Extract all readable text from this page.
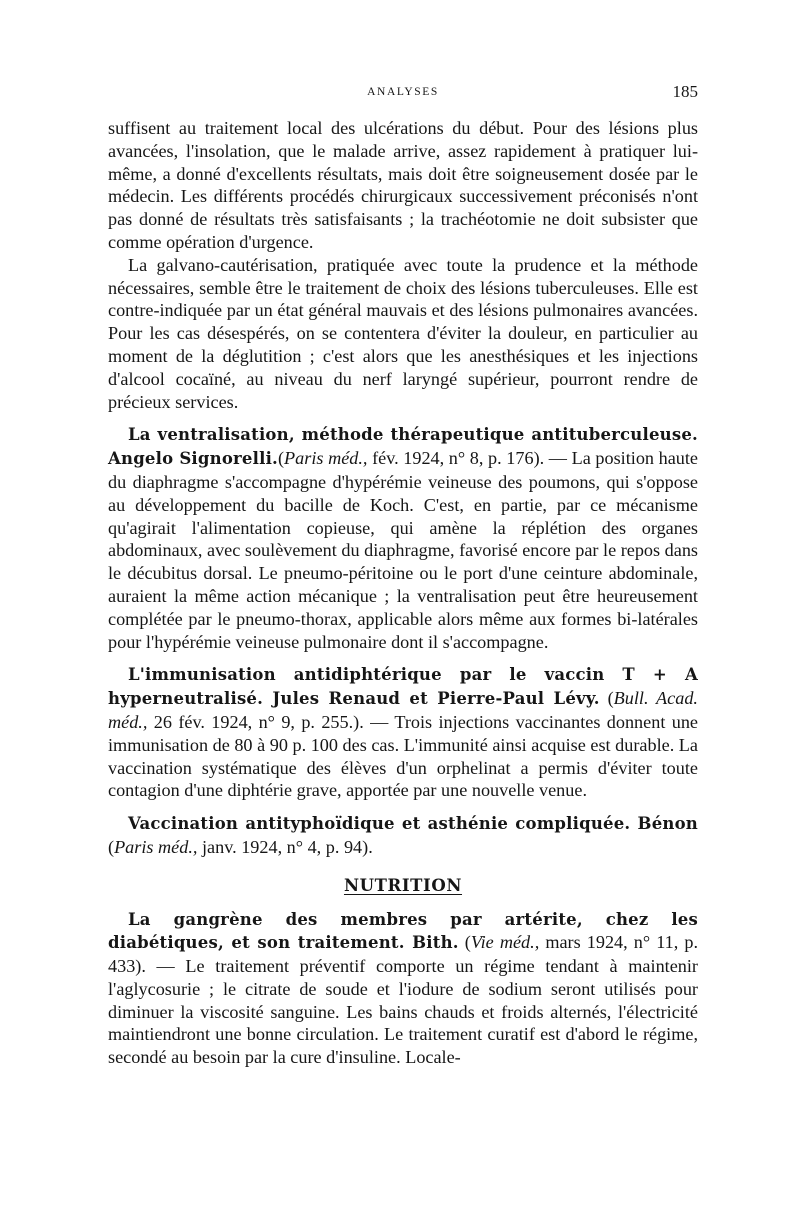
ANALYSES	185

suffisent au traitement local des ulcérations du début. Pour des lésions plus avancées, l'insolation, que le malade arrive, assez rapidement à pratiquer lui-même, a donné d'excellents résultats, mais doit être soigneusement dosée par le médecin. Les différents procédés chirurgicaux successivement préconisés n'ont pas donné de résultats très satisfaisants ; la trachéotomie ne doit subsister que comme opération d'urgence.

La galvano-cautérisation, pratiquée avec toute la prudence et la méthode nécessaires, semble être le traitement de choix des lésions tuberculeuses. Elle est contre-indiquée par un état général mauvais et des lésions pulmonaires avancées. Pour les cas désespérés, on se contentera d'éviter la douleur, en particulier au moment de la déglutition ; c'est alors que les anesthésiques et les injections d'alcool cocaïné, au niveau du nerf laryngé supérieur, pourront rendre de précieux services.

La ventralisation, méthode thérapeutique antituberculeuse. Angelo Signorelli.(Paris méd., fév. 1924, n° 8, p. 176). — La position haute du diaphragme s'accompagne d'hypérémie veineuse des poumons, qui s'oppose au développement du bacille de Koch. C'est, en partie, par ce mécanisme qu'agirait l'alimentation copieuse, qui amène la réplétion des organes abdominaux, avec soulèvement du diaphragme, favorisé encore par le repos dans le décubitus dorsal. Le pneumo-péritoine ou le port d'une ceinture abdominale, auraient la même action mécanique ; la ventralisation peut être heureusement complétée par le pneumo-thorax, applicable alors même aux formes bi-latérales pour l'hypérémie veineuse pulmonaire dont il s'accompagne.

L'immunisation antidiphtérique par le vaccin T + A hyperneutralisé. Jules Renaud et Pierre-Paul Lévy. (Bull. Acad. méd., 26 fév. 1924, n° 9, p. 255.). — Trois injections vaccinantes donnent une immunisation de 80 à 90 p. 100 des cas. L'immunité ainsi acquise est durable. La vaccination systématique des élèves d'un orphelinat a permis d'éviter toute contagion d'une diphtérie grave, apportée par une nouvelle venue.

Vaccination antityphoïdique et asthénie compliquée. Bénon (Paris méd., janv. 1924, n° 4, p. 94).

NUTRITION

La gangrène des membres par artérite, chez les diabétiques, et son traitement. Bith. (Vie méd., mars 1924, n° 11, p. 433). — Le traitement préventif comporte un régime tendant à maintenir l'aglycosurie ; le citrate de soude et l'iodure de sodium seront utilisés pour diminuer la viscosité sanguine. Les bains chauds et froids alternés, l'électricité maintiendront une bonne circulation. Le traitement curatif est d'abord le régime, secondé au besoin par la cure d'insuline. Locale-
